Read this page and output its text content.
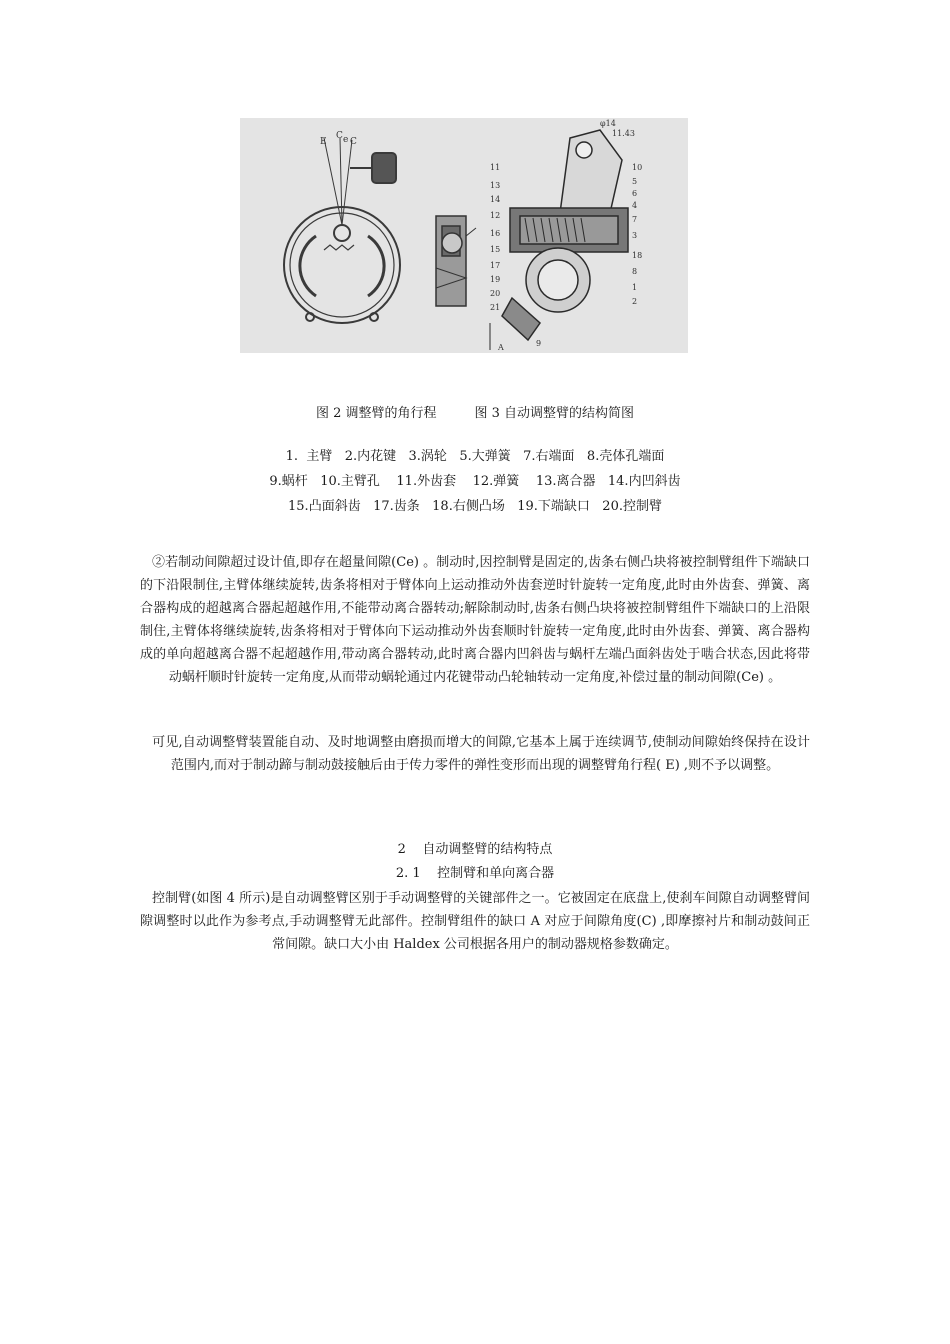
E
C e C
φ14
11.43
10
11
4
12
16	3
19
1
2
20
21
13
14
15
17
18
5
6
7
8
9
A
图 2 调整臂的角行程	图 3 自动调整臂的结构简图
1.  主臂   2.内花键   3.涡轮   5.大弹簧   7.右端面   8.壳体孔端面
9.蜗杆   10.主臂孔    11.外齿套    12.弹簧    13.离合器   14.内凹斜齿
15.凸面斜齿   17.齿条   18.右侧凸场   19.下端缺口   20.控制臂
②若制动间隙超过设计值,即存在超量间隙(Ce) 。制动时,因控制臂是固定的,齿条右侧凸块将被控制臂组件下端缺口的下沿限制住,主臂体继续旋转,齿条将相对于臂体向上运动推动外齿套逆时针旋转一定角度,此时由外齿套、弹簧、离合器构成的超越离合器起超越作用,不能带动离合器转动;解除制动时,齿条右侧凸块将被控制臂组件下端缺口的上沿限制住,主臂体将继续旋转,齿条将相对于臂体向下运动推动外齿套顺时针旋转一定角度,此时由外齿套、弹簧、离合器构成的单向超越离合器不起超越作用,带动离合器转动,此时离合器内凹斜齿与蜗杆左端凸面斜齿处于啮合状态,因此将带动蜗杆顺时针旋转一定角度,从而带动蜗轮通过内花键带动凸轮轴转动一定角度,补偿过量的制动间隙(Ce) 。
可见,自动调整臂装置能自动、及时地调整由磨损而增大的间隙,它基本上属于连续调节,使制动间隙始终保持在设计范围内,而对于制动蹄与制动鼓接触后由于传力零件的弹性变形而出现的调整臂角行程( E) ,则不予以调整。
2    自动调整臂的结构特点
2. 1    控制臂和单向离合器
控制臂(如图 4 所示)是自动调整臂区别于手动调整臂的关键部件之一。它被固定在底盘上,使刹车间隙自动调整臂间隙调整时以此作为参考点,手动调整臂无此部件。控制臂组件的缺口 A 对应于间隙角度(C) ,即摩擦衬片和制动鼓间正常间隙。缺口大小由 Haldex 公司根据各用户的制动器规格参数确定。
